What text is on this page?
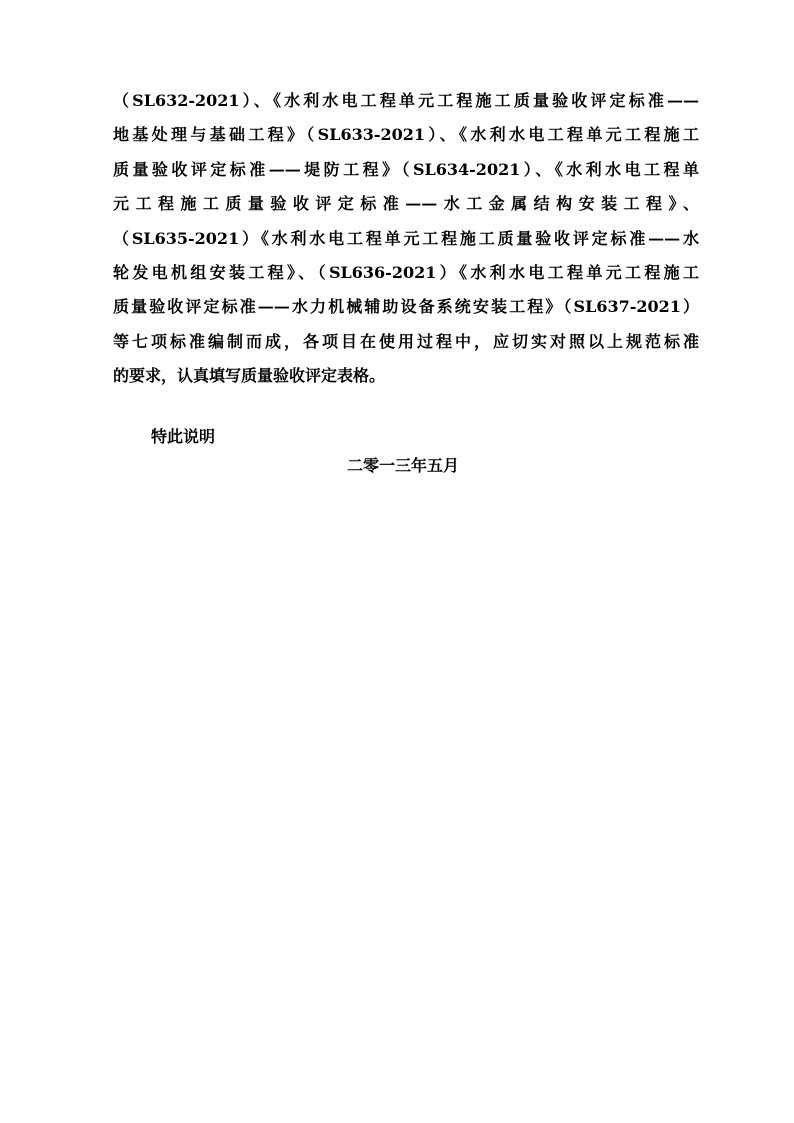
（SL632-2021）、《水利水电工程单元工程施工质量验收评定标准——
地基处理与基础工程》（SL633-2021）、《水利水电工程单元工程施工
质量验收评定标准——堤防工程》（SL634-2021）、《水利水电工程单
元工程施工质量验收评定标准——水工金属结构安装工程》、
（SL635-2021）《水利水电工程单元工程施工质量验收评定标准——水
轮发电机组安装工程》、（SL636-2021）《水利水电工程单元工程施工
质量验收评定标准——水力机械辅助设备系统安装工程》（SL637-2021）
等七项标准编制而成，各项目在使用过程中，应切实对照以上规范标准
的要求，认真填写质量验收评定表格。
特此说明
二零一三年五月
